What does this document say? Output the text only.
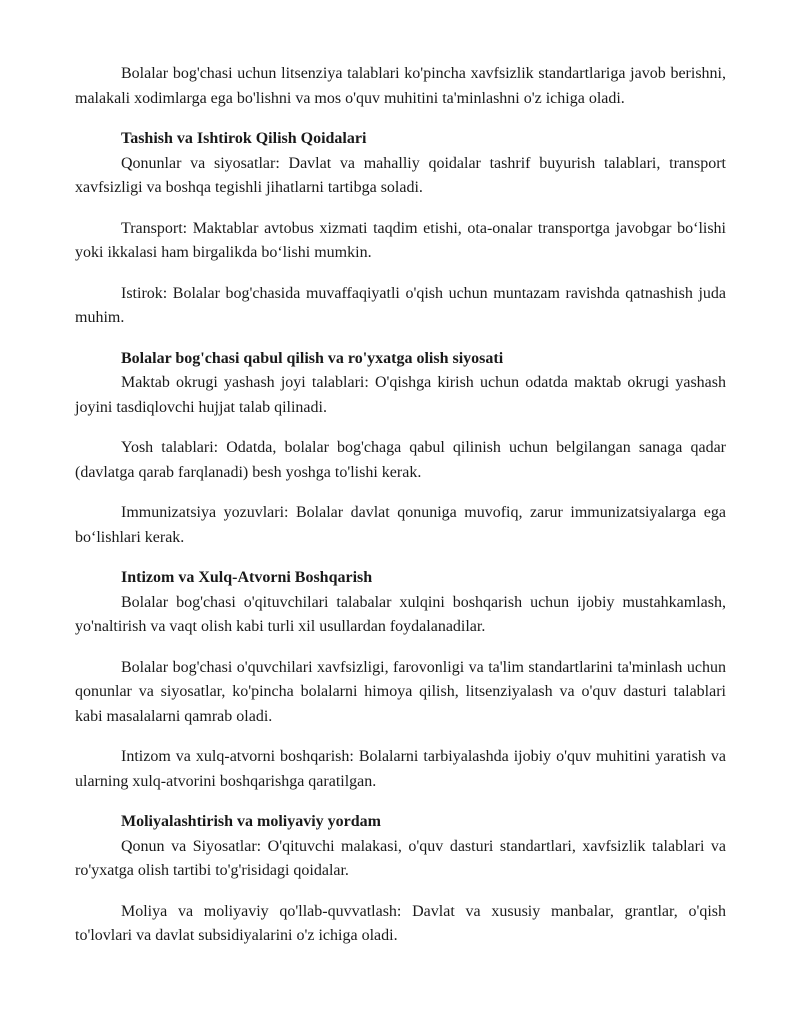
Bolalar bog'chasi uchun litsenziya talablari ko'pincha xavfsizlik standartlariga javob berishni, malakali xodimlarga ega bo'lishni va mos o'quv muhitini ta'minlashni o'z ichiga oladi.

Tashish va Ishtirok Qilish Qoidalari

Qonunlar va siyosatlar: Davlat va mahalliy qoidalar tashrif buyurish talablari, transport xavfsizligi va boshqa tegishli jihatlarni tartibga soladi.

Transport: Maktablar avtobus xizmati taqdim etishi, ota-onalar transportga javobgar bo‘lishi yoki ikkalasi ham birgalikda bo‘lishi mumkin.

Istirok: Bolalar bog'chasida muvaffaqiyatli o'qish uchun muntazam ravishda qatnashish juda muhim.

Bolalar bog'chasi qabul qilish va ro'yxatga olish siyosati

Maktab okrugi yashash joyi talablari: O'qishga kirish uchun odatda maktab okrugi yashash joyini tasdiqlovchi hujjat talab qilinadi.

Yosh talablari: Odatda, bolalar bog'chaga qabul qilinish uchun belgilangan sanaga qadar (davlatga qarab farqlanadi) besh yoshga to'lishi kerak.

Immunizatsiya yozuvlari: Bolalar davlat qonuniga muvofiq, zarur immunizatsiyalarga ega bo‘lishlari kerak.

Intizom va Xulq-Atvorni Boshqarish

Bolalar bog'chasi o'qituvchilari talabalar xulqini boshqarish uchun ijobiy mustahkamlash, yo'naltirish va vaqt olish kabi turli xil usullardan foydalanadilar.

Bolalar bog'chasi o'quvchilari xavfsizligi, farovonligi va ta'lim standartlarini ta'minlash uchun qonunlar va siyosatlar, ko'pincha bolalarni himoya qilish, litsenziyalash va o'quv dasturi talablari kabi masalalarni qamrab oladi.

Intizom va xulq-atvorni boshqarish: Bolalarni tarbiyalashda ijobiy o'quv muhitini yaratish va ularning xulq-atvorini boshqarishga qaratilgan.

Moliyalashtirish va moliyaviy yordam

Qonun va Siyosatlar: O'qituvchi malakasi, o'quv dasturi standartlari, xavfsizlik talablari va ro'yxatga olish tartibi to'g'risidagi qoidalar.

Moliya va moliyaviy qo'llab-quvvatlash: Davlat va xususiy manbalar, grantlar, o'qish to'lovlari va davlat subsidiyalarini o'z ichiga oladi.
